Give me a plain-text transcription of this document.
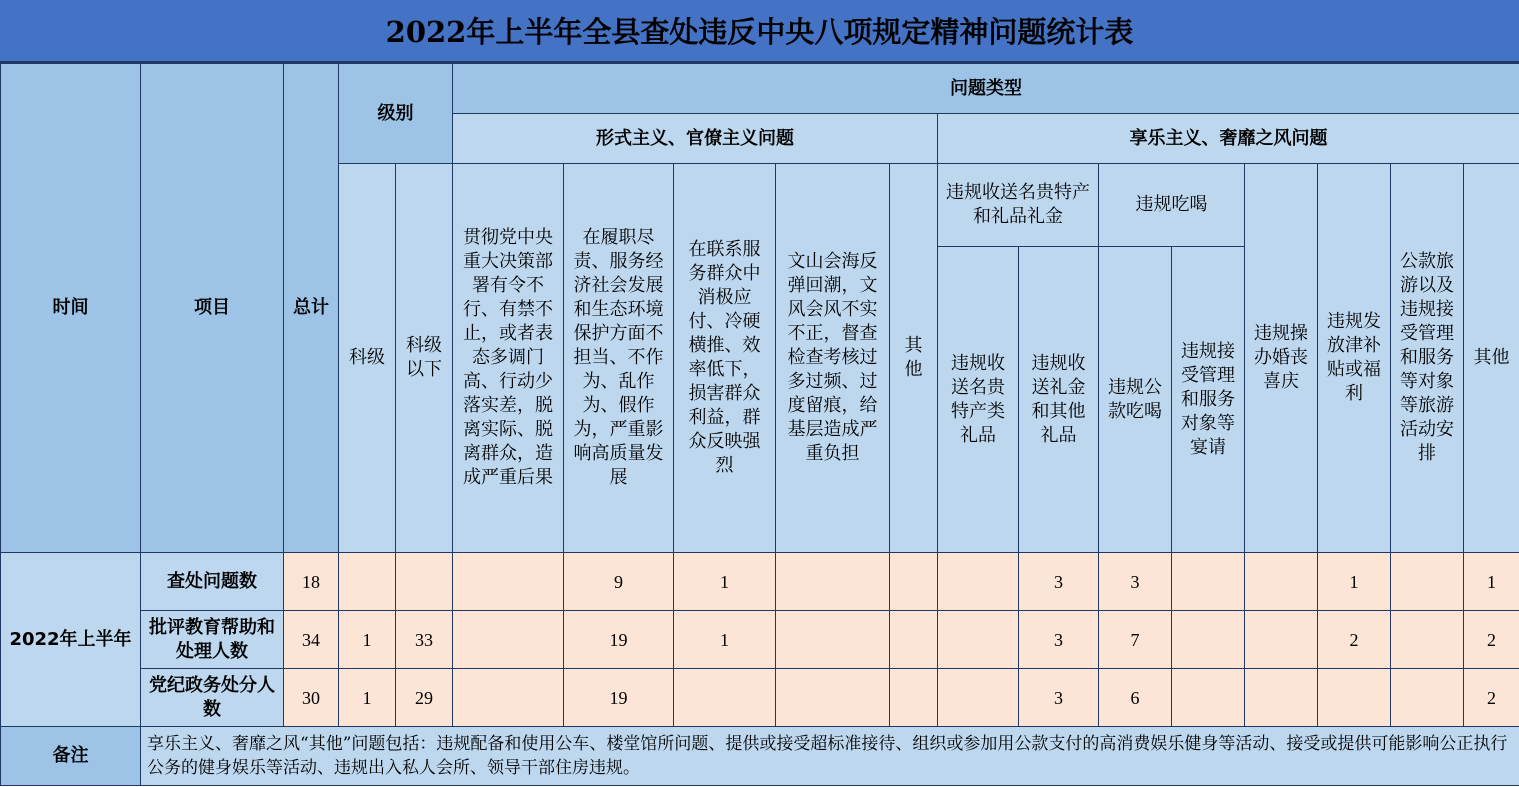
2022年上半年全县查处违反中央八项规定精神问题统计表
时间	项目	总计	级别		问题类型												
					形式主义、官僚主义问题					享乐主义、奢靡之风问题							
			科级	科级以下	贯彻党中央重大决策部署有令不行、有禁不止，或者表态多调门高、行动少落实差，脱离实际、脱离群众，造成严重后果	在履职尽责、服务经济社会发展和生态环境保护方面不担当、不作为、乱作为、假作为，严重影响高质量发展	在联系服务群众中消极应付、冷硬横推、效率低下，损害群众利益，群众反映强烈	文山会海反弹回潮，文风会风不实不正，督查检查考核过多过频、过度留痕，给基层造成严重负担	其他	违规收送名贵特产和礼品礼金		违规吃喝		违规操办婚丧喜庆	违规发放津补贴或福利	公款旅游以及违规接受管理和服务等对象等旅游活动安排	其他
										违规收送名贵特产类礼品	违规收送礼金和其他礼品	违规公款吃喝	违规接受管理和服务对象等宴请				
2022年上半年	查处问题数	18				9	1				3	3			1		1
	批评教育帮助和处理人数	34	1	33		19	1				3	7			2		2
	党纪政务处分人数	30	1	29		19					3	6					2
备注	享乐主义、奢靡之风“其他”问题包括：违规配备和使用公车、楼堂馆所问题、提供或接受超标准接待、组织或参加用公款支付的高消费娱乐健身等活动、接受或提供可能影响公正执行公务的健身娱乐等活动、违规出入私人会所、领导干部住房违规。																
